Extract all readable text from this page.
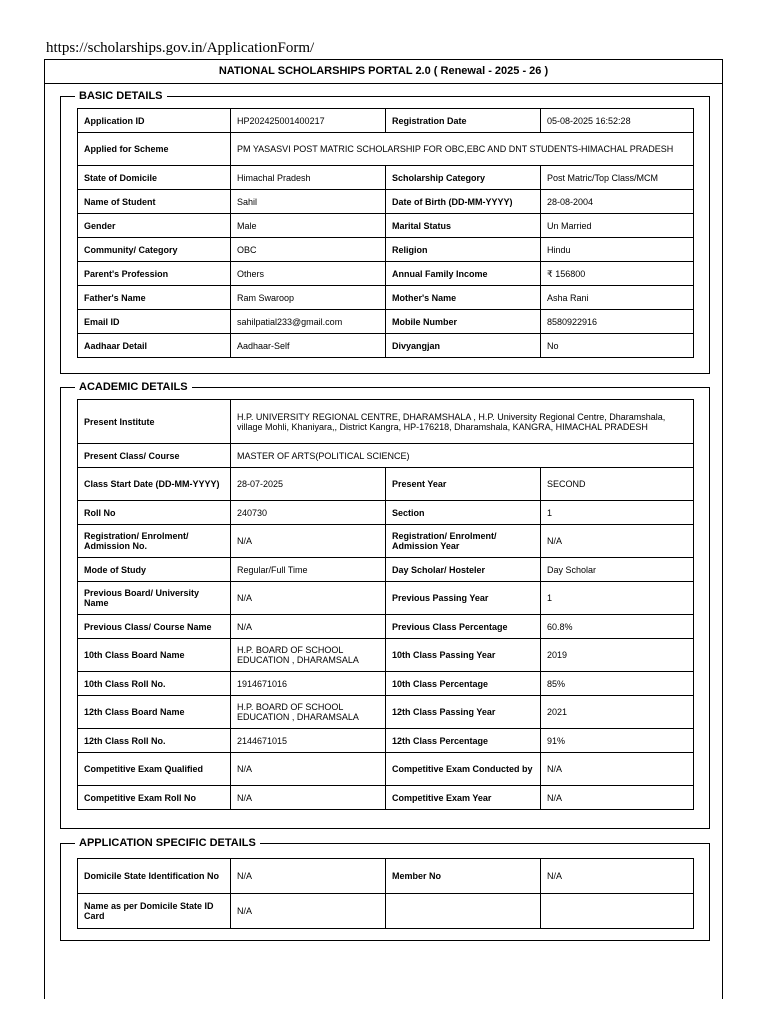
https://scholarships.gov.in/ApplicationForm/
NATIONAL SCHOLARSHIPS PORTAL 2.0 ( Renewal - 2025 - 26 )
BASIC DETAILS
Application ID	HP202425001400217	Registration Date	05-08-2025 16:52:28
Applied for Scheme	PM YASASVI POST MATRIC SCHOLARSHIP FOR OBC,EBC AND DNT STUDENTS-HIMACHAL PRADESH		
State of Domicile	Himachal Pradesh	Scholarship Category	Post Matric/Top Class/MCM
Name of Student	Sahil	Date of Birth (DD-MM-YYYY)	28-08-2004
Gender	Male	Marital Status	Un Married
Community/ Category	OBC	Religion	Hindu
Parent's Profession	Others	Annual Family Income	₹ 156800
Father's Name	Ram Swaroop	Mother's Name	Asha Rani
Email ID	sahilpatial233@gmail.com	Mobile Number	8580922916
Aadhaar Detail	Aadhaar-Self	Divyangjan	No
ACADEMIC DETAILS
Present Institute	H.P. UNIVERSITY REGIONAL CENTRE, DHARAMSHALA , H.P. University Regional Centre, Dharamshala, village Mohli, Khaniyara,, District Kangra, HP-176218, Dharamshala, KANGRA, HIMACHAL PRADESH		
Present Class/ Course	MASTER OF ARTS(POLITICAL SCIENCE)		
Class Start Date (DD-MM-YYYY)	28-07-2025	Present Year	SECOND
Roll No	240730	Section	1
Registration/ Enrolment/ Admission No.	N/A	Registration/ Enrolment/ Admission Year	N/A
Mode of Study	Regular/Full Time	Day Scholar/ Hosteler	Day Scholar
Previous Board/ University Name	N/A	Previous Passing Year	1
Previous Class/ Course Name	N/A	Previous Class Percentage	60.8%
10th Class Board Name	H.P. BOARD OF SCHOOL EDUCATION , DHARAMSALA	10th Class Passing Year	2019
10th Class Roll No.	1914671016	10th Class Percentage	85%
12th Class Board Name	H.P. BOARD OF SCHOOL EDUCATION , DHARAMSALA	12th Class Passing Year	2021
12th Class Roll No.	2144671015	12th Class Percentage	91%
Competitive Exam Qualified	N/A	Competitive Exam Conducted by	N/A
Competitive Exam Roll No	N/A	Competitive Exam Year	N/A
APPLICATION SPECIFIC DETAILS
Domicile State Identification No	N/A	Member No	N/A
Name as per Domicile State ID Card	N/A		
